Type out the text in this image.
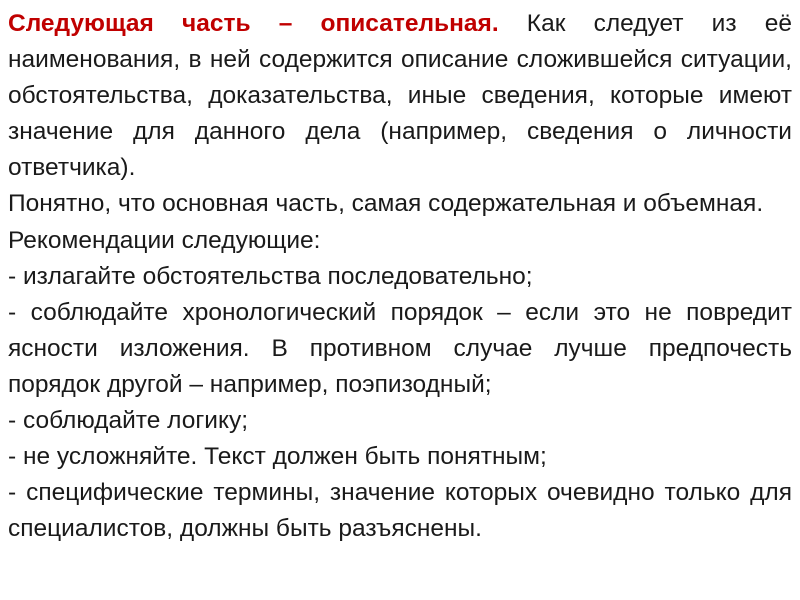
Следующая часть – описательная. Как следует из её наименования, в ней содержится описание сложившейся ситуации, обстоятельства, доказательства, иные сведения, которые имеют значение для данного дела (например, сведения о личности ответчика).

Понятно, что основная часть, самая содержательная и объемная.

Рекомендации следующие:

- излагайте обстоятельства последовательно;

- соблюдайте хронологический порядок – если это не повредит ясности изложения. В противном случае лучше предпочесть порядок другой – например, поэпизодный;

- соблюдайте логику;

- не усложняйте. Текст должен быть понятным;

- специфические термины, значение которых очевидно только для специалистов, должны быть разъяснены.
